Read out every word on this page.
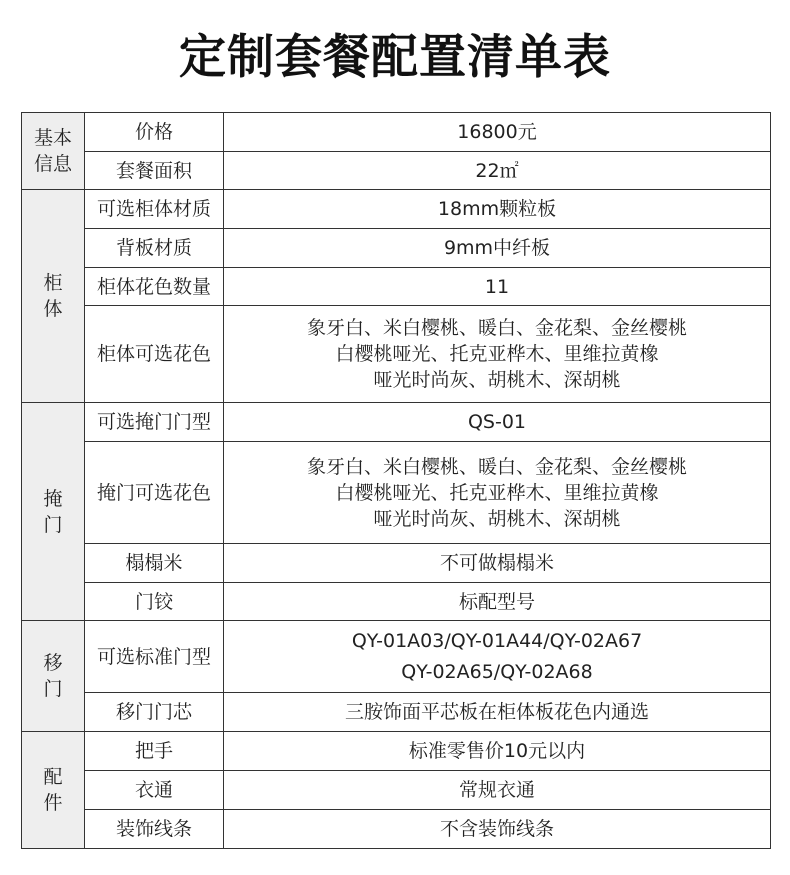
定制套餐配置清单表
基本信息	价格	16800元
	套餐面积	22㎡

柜体	可选柜体材质	18mm颗粒板
	背板材质	9mm中纤板
	柜体花色数量	11
	柜体可选花色	象牙白、米白樱桃、暖白、金花梨、金丝樱桃
白樱桃哑光、托克亚桦木、里维拉黄橡
哑光时尚灰、胡桃木、深胡桃

掩门	可选掩门门型	QS-01
	掩门可选花色	象牙白、米白樱桃、暖白、金花梨、金丝樱桃
白樱桃哑光、托克亚桦木、里维拉黄橡
哑光时尚灰、胡桃木、深胡桃

	榻榻米	不可做榻榻米
	门铰	标配型号

移门	可选标准门型	QY-01A03/QY-01A44/QY-02A67
QY-02A65/QY-02A68

	移门门芯	三胺饰面平芯板在柜体板花色内通选

配件	把手	标准零售价10元以内
	衣通	常规衣通
	装饰线条	不含装饰线条
